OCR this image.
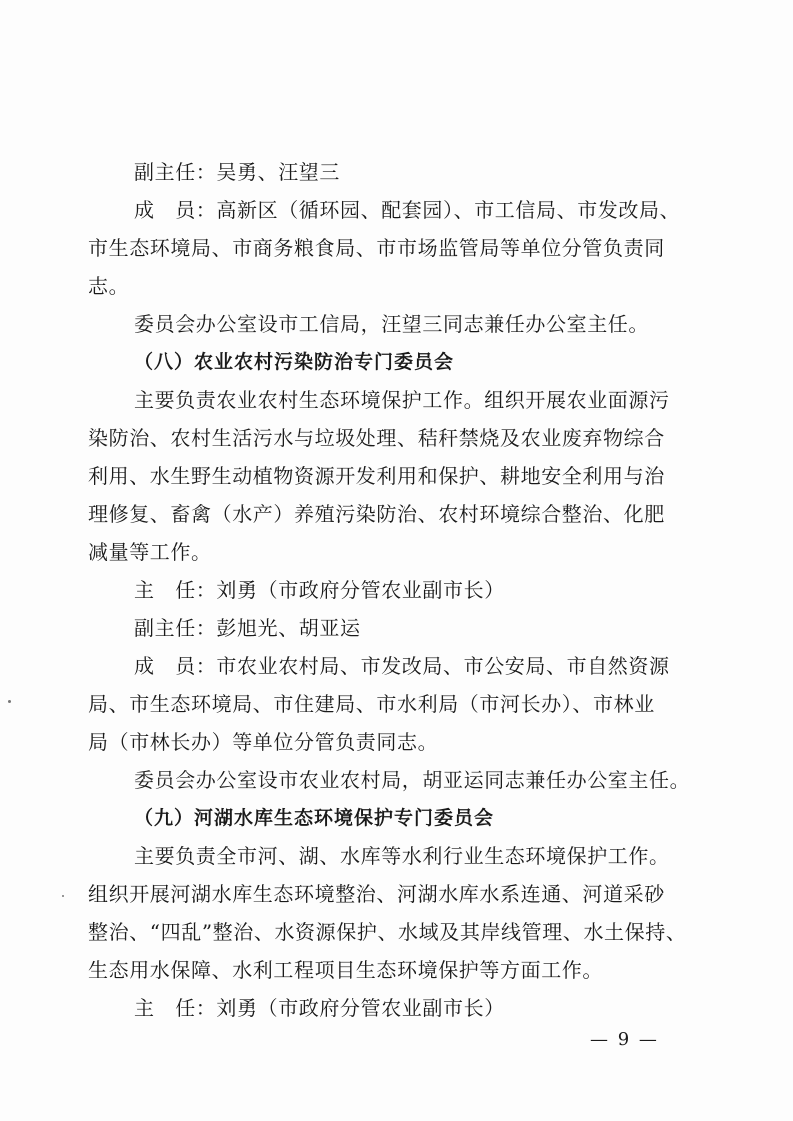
副主任：吴勇、汪望三
成　员：高新区（循环园、配套园）、市工信局、市发改局、
市生态环境局、市商务粮食局、市市场监管局等单位分管负责同
志。
委员会办公室设市工信局，汪望三同志兼任办公室主任。
（八）农业农村污染防治专门委员会
主要负责农业农村生态环境保护工作。组织开展农业面源污
染防治、农村生活污水与垃圾处理、秸秆禁烧及农业废弃物综合
利用、水生野生动植物资源开发利用和保护、耕地安全利用与治
理修复、畜禽（水产）养殖污染防治、农村环境综合整治、化肥
减量等工作。
主　任：刘勇（市政府分管农业副市长）
副主任：彭旭光、胡亚运
成　员：市农业农村局、市发改局、市公安局、市自然资源
局、市生态环境局、市住建局、市水利局（市河长办）、市林业
局（市林长办）等单位分管负责同志。
委员会办公室设市农业农村局，胡亚运同志兼任办公室主任。
（九）河湖水库生态环境保护专门委员会
主要负责全市河、湖、水库等水利行业生态环境保护工作。
组织开展河湖水库生态环境整治、河湖水库水系连通、河道采砂
整治、“四乱”整治、水资源保护、水域及其岸线管理、水土保持、
生态用水保障、水利工程项目生态环境保护等方面工作。
主　任：刘勇（市政府分管农业副市长）
— 9 —
